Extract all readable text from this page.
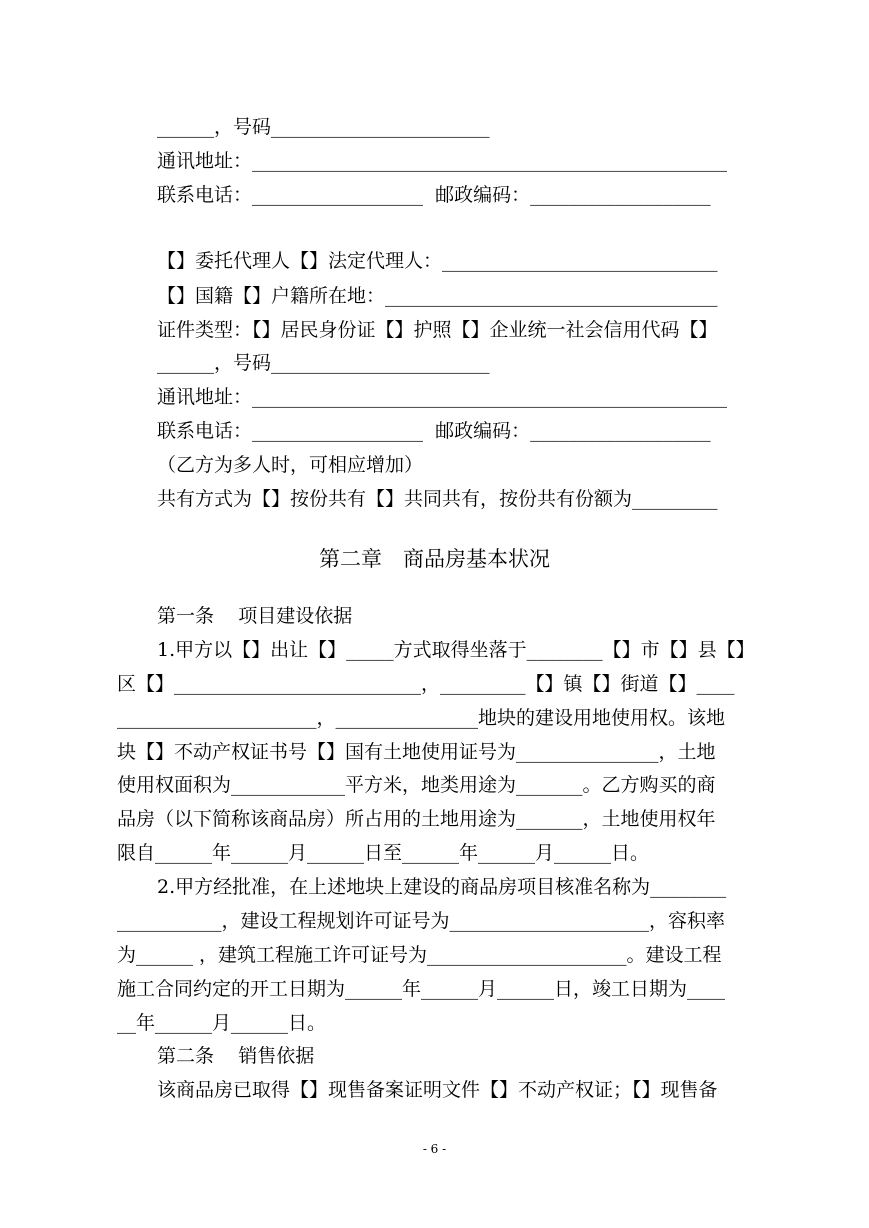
______，号码_______________________
通讯地址：__________________________________________________
联系电话：__________________  邮政编码：___________________
【】委托代理人【】法定代理人：_____________________________
【】国籍【】户籍所在地：___________________________________
证件类型：【】居民身份证【】护照【】企业统一社会信用代码【】
______，号码_______________________
通讯地址：__________________________________________________
联系电话：__________________  邮政编码：___________________
（乙方为多人时，可相应增加）
共有方式为【】按份共有【】共同共有，按份共有份额为_________
第二章　商品房基本状况
第一条 项目建设依据
1.甲方以【】出让【】_____方式取得坐落于________【】市【】县【】
区【】__________________________，_________【】镇【】街道【】____
_____________________，_______________地块的建设用地使用权。该地
块【】不动产权证书号【】国有土地使用证号为_______________，土地
使用权面积为____________平方米，地类用途为_______。乙方购买的商
品房（以下简称该商品房）所占用的土地用途为_______，土地使用权年
限自______年______月______日至______年______月______日。
2.甲方经批准，在上述地块上建设的商品房项目核准名称为________
___________，建设工程规划许可证号为_____________________，容积率
为______ ，建筑工程施工许可证号为_____________________。建设工程
施工合同约定的开工日期为______年______月______日，竣工日期为____
__年______月______日。
第二条 销售依据
该商品房已取得【】现售备案证明文件【】不动产权证；【】现售备
- 6 -
